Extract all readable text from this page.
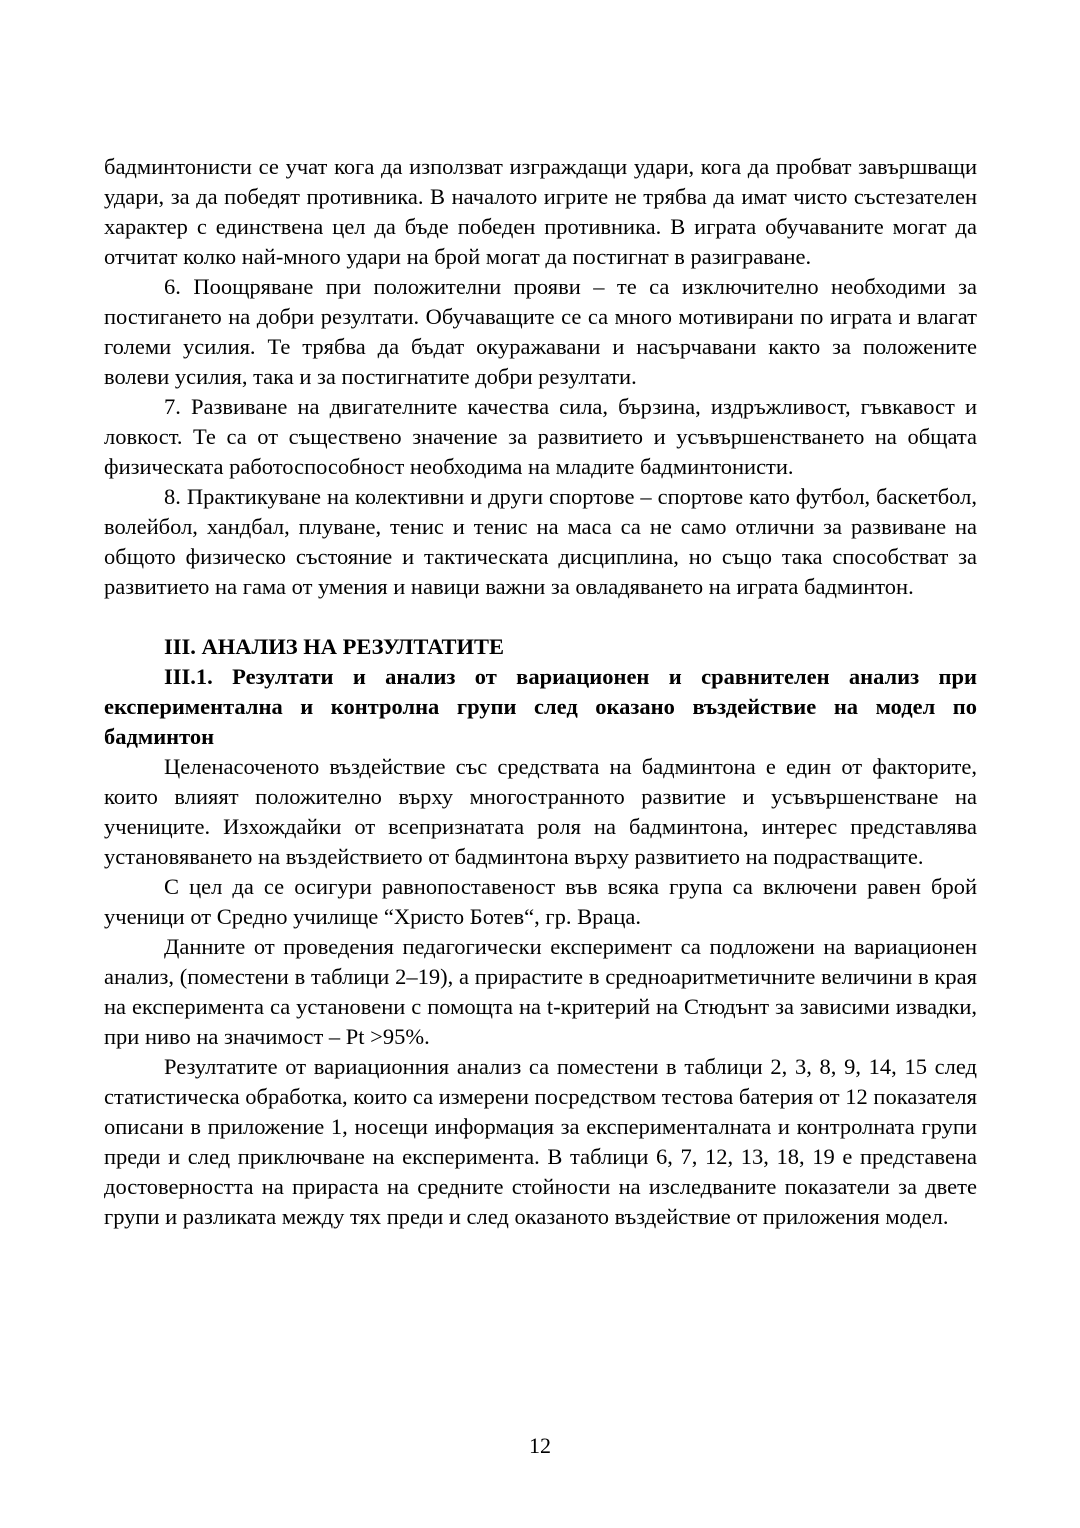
бадминтонисти се учат кога да използват изграждащи удари, кога да пробват завършващи удари, за да победят противника. В началото игрите не трябва да имат чисто състезателен характер с единствена цел да бъде победен противника. В играта обучаваните могат да отчитат колко най-много удари на брой могат да постигнат в разиграване.

6. Поощряване при положителни прояви – те са изключително необходими за постигането на добри резултати. Обучаващите се са много мотивирани по играта и влагат големи усилия. Те трябва да бъдат окуражавани и насърчавани както за положените волеви усилия, така и за постигнатите добри резултати.

7. Развиване на двигателните качества сила, бързина, издръжливост, гъвкавост и ловкост. Те са от съществено значение за развитието и усъвършенстването на общата физическата работоспособност необходима на младите бадминтонисти.

8. Практикуване на колективни и други спортове – спортове като футбол, баскетбол, волейбол, хандбал, плуване, тенис и тенис на маса са не само отлични за развиване на общото физическо състояние и тактическата дисциплина, но също така способстват за развитието на гама от умения и навици важни за овладяването на играта бадминтон.

III. АНАЛИЗ НА РЕЗУЛТАТИТЕ

III.1. Резултати и анализ от вариационен и сравнителен анализ при експериментална и контролна групи след оказано въздействие на модел по бадминтон

Целенасоченото въздействие със средствата на бадминтона е един от факторите, които влияят положително върху многостранното развитие и усъвършенстване на учениците. Изхождайки от всепризнатата роля на бадминтона, интерес представлява установяването на въздействието от бадминтона върху развитието на подрастващите.

С цел да се осигури равнопоставеност във всяка група са включени равен брой ученици от Средно училище “Христо Ботев“, гр. Враца.

Данните от проведения педагогически експеримент са подложени на вариационен анализ, (поместени в таблици 2–19), а прирастите в средноаритметичните величини в края на експеримента са установени с помощта на t-критерий на Стюдънт за зависими извадки, при ниво на значимост – Pt >95%.

Резултатите от вариационния анализ са поместени в таблици 2, 3, 8, 9, 14, 15 след статистическа обработка, които са измерени посредством тестова батерия от 12 показателя описани в приложение 1, носещи информация за експерименталната и контролната групи преди и след приключване на експеримента. В таблици 6, 7, 12, 13, 18, 19 е представена достоверността на прираста на средните стойности на изследваните показатели за двете групи и разликата между тях преди и след оказаното въздействие от приложения модел.

12
